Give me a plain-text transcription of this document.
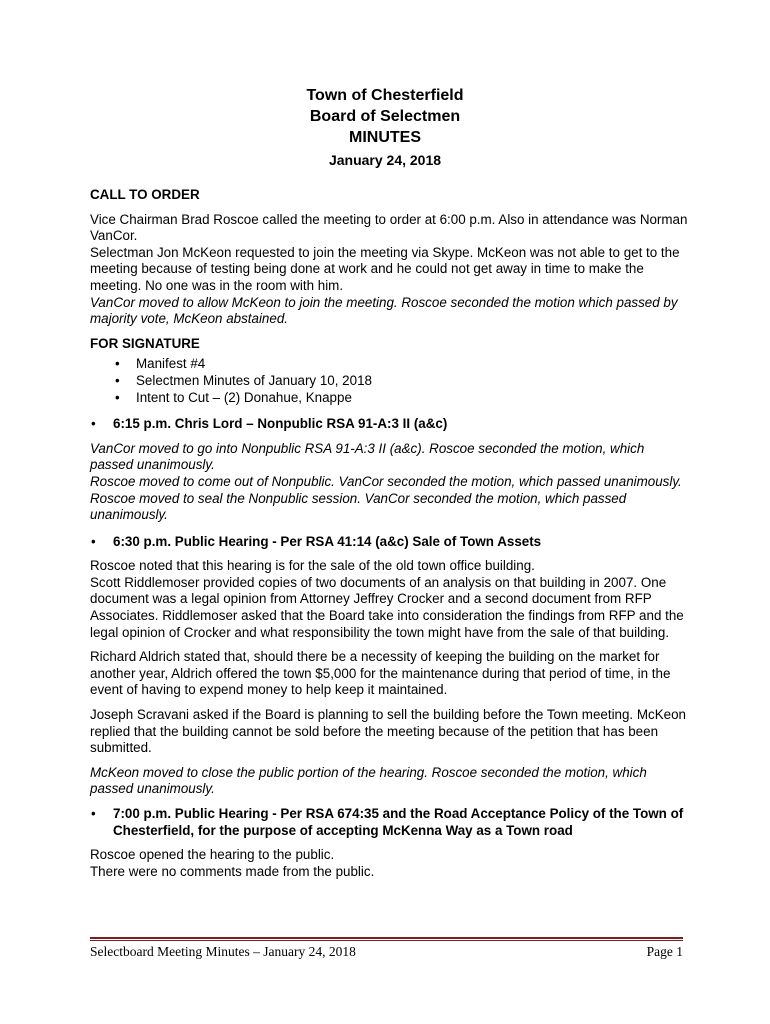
Town of Chesterfield
Board of Selectmen
MINUTES
January 24, 2018

CALL TO ORDER

Vice Chairman Brad Roscoe called the meeting to order at 6:00 p.m. Also in attendance was Norman VanCor.

Selectman Jon McKeon requested to join the meeting via Skype. McKeon was not able to get to the meeting because of testing being done at work and he could not get away in time to make the meeting. No one was in the room with him.

VanCor moved to allow McKeon to join the meeting. Roscoe seconded the motion which passed by majority vote, McKeon abstained.

FOR SIGNATURE

• Manifest #4
• Selectmen Minutes of January 10, 2018
• Intent to Cut – (2) Donahue, Knappe
• 6:15 p.m. Chris Lord – Nonpublic RSA 91-A:3 II (a&c)

VanCor moved to go into Nonpublic RSA 91-A:3 II (a&c). Roscoe seconded the motion, which passed unanimously.

Roscoe moved to come out of Nonpublic. VanCor seconded the motion, which passed unanimously.

Roscoe moved to seal the Nonpublic session. VanCor seconded the motion, which passed unanimously.

• 6:30 p.m. Public Hearing - Per RSA 41:14 (a&c) Sale of Town Assets

Roscoe noted that this hearing is for the sale of the old town office building.

Scott Riddlemoser provided copies of two documents of an analysis on that building in 2007. One document was a legal opinion from Attorney Jeffrey Crocker and a second document from RFP Associates. Riddlemoser asked that the Board take into consideration the findings from RFP and the legal opinion of Crocker and what responsibility the town might have from the sale of that building.

Richard Aldrich stated that, should there be a necessity of keeping the building on the market for another year, Aldrich offered the town $5,000 for the maintenance during that period of time, in the event of having to expend money to help keep it maintained.

Joseph Scravani asked if the Board is planning to sell the building before the Town meeting. McKeon replied that the building cannot be sold before the meeting because of the petition that has been submitted.

McKeon moved to close the public portion of the hearing. Roscoe seconded the motion, which passed unanimously.

• 7:00 p.m. Public Hearing - Per RSA 674:35 and the Road Acceptance Policy of the Town of Chesterfield, for the purpose of accepting McKenna Way as a Town road

Roscoe opened the hearing to the public.

There were no comments made from the public.

Selectboard Meeting Minutes – January 24, 2018	Page 1
